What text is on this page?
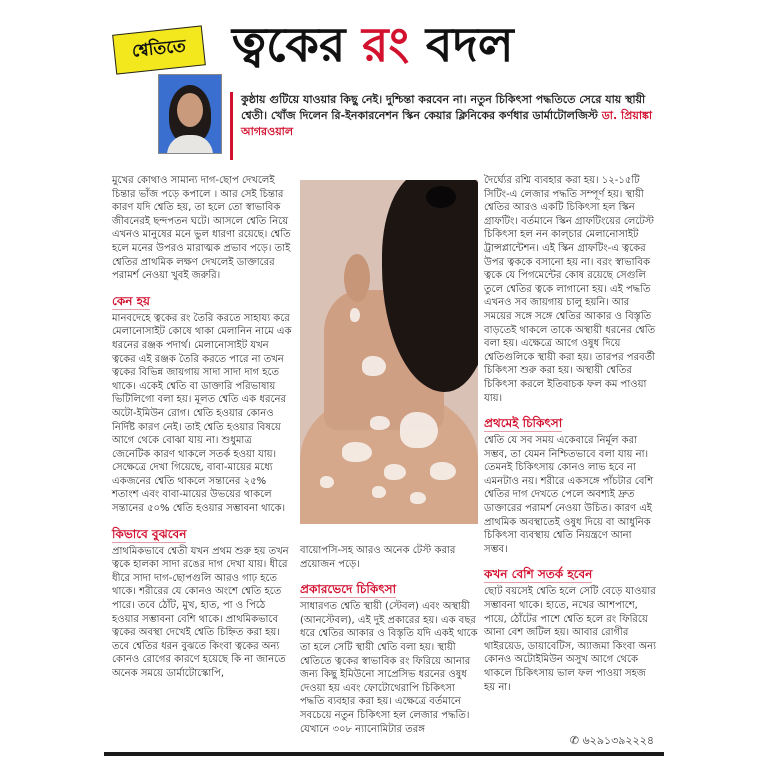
শ্বেতিতে ত্বকের রং বদল
কুষ্ঠায় গুটিয়ে যাওয়ার কিছু নেই। দুশ্চিন্তা করবেন না। নতুন চিকিৎসা পদ্ধতিতে সেরে যায় স্থায়ী শ্বেতী। খোঁজ দিলেন রি-ইনকারনেশন স্কিন কেয়ার ক্লিনিকের কর্ণধার ডার্মাটোলজিস্ট ডা. প্রিয়াঙ্কা আগরওয়াল

মুখের কোথাও সামান্য দাগ-ছোপ দেখলেই চিন্তার ভাঁজ পড়ে কপালে । আর সেই চিন্তার কারণ যদি শ্বেতি হয়, তা হলে তো স্বাভাবিক জীবনেরই ছন্দপতন ঘটে। আসলে শ্বেতি নিয়ে এখনও মানুষের মনে ভুল ধারণা রয়েছে। শ্বেতি হলে মনের উপরও মারাত্মক প্রভাব পড়ে। তাই শ্বেতির প্রাথমিক লক্ষণ দেখলেই ডাক্তারের পরামর্শ নেওয়া খুবই জরুরি।

কেন হয়

মানবদেহে ত্বকের রং তৈরি করতে সাহায্য করে মেলানোসাইট কোষে থাকা মেলানিন নামে এক ধরনের রঞ্জক পদার্থ। মেলানোসাইট যখন ত্বকের এই রঞ্জক তৈরি করতে পারে না তখন ত্বকের বিভিন্ন জায়গায় সাদা সাদা দাগ হতে থাকে। একেই শ্বেতি বা ডাক্তারি পরিভাষায় ভিটিলিগো বলা হয়। মূলত শ্বেতি এক ধরনের অটো-ইমিউন রোগ। শ্বেতি হওয়ার কোনও নির্দিষ্ট কারণ নেই। তাই শ্বেতি হওয়ার বিষয়ে আগে থেকে বোঝা যায় না। শুধুমাত্র জেনেটিক কারণ থাকলে সতর্ক হওয়া যায়। সেক্ষেত্রে দেখা গিয়েছে, বাবা-মায়ের মধ্যে একজনের শ্বেতি থাকলে সন্তানের ২৫% শতাংশ এবং বাবা-মায়ের উভয়ের থাকলে সন্তানের ৫০% শ্বেতি হওয়ার সম্ভাবনা থাকে।

কিভাবে বুঝবেন

প্রাথমিকভাবে শ্বেতী যখন প্রথম শুরু হয় তখন ত্বকে হালকা সাদা রঙের দাগ দেখা যায়। ধীরে ধীরে সাদা দাগ-ছোপগুলি আরও গাঢ় হতে থাকে। শরীরের যে কোনও অংশে শ্বেতি হতে পারে। তবে ঠোঁট, মুখ, হাত, পা ও পিঠে হওয়ার সম্ভাবনা বেশি থাকে। প্রাথমিকভাবে ত্বকের অবস্থা দেখেই শ্বেতি চিহ্নিত করা হয়। তবে শ্বেতির ধরন বুঝতে কিংবা ত্বকের অন্য কোনও রোগের কারণে হয়েছে কি না জানতে অনেক সময়ে ডার্মাটোস্কোপি,

বায়োপসি-সহ আরও অনেক টেস্ট করার প্রয়োজন পড়ে।

প্রকারভেদে চিকিৎসা

সাধারণত শ্বেতি স্থায়ী (স্টেবল) এবং অস্থায়ী (আনস্টেবল), এই দুই প্রকারের হয়। এক বছর ধরে শ্বেতির আকার ও বিস্তৃতি যদি একই থাকে তা হলে সেটি স্থায়ী শ্বেতি বলা হয়। স্থায়ী শ্বেতিতে ত্বকের স্বাভাবিক রং ফিরিয়ে আনার জন্য কিছু ইমিউনো সাপ্রেসিভ ধরনের ওষুধ দেওয়া হয় এবং ফোটোথেরাপি চিকিৎসা পদ্ধতি ব্যবহার করা হয়। এক্ষেত্রে বর্তমানে সবচেয়ে নতুন চিকিৎসা হল লেজার পদ্ধতি। যেখানে ৩০৮ ন্যানোমিটার তরঙ্গ

দৈর্ঘ্যের রশ্মি ব্যবহার করা হয়। ১২-১৫টি সিটিং-এ লেজার পদ্ধতি সম্পূর্ণ হয়। স্থায়ী শ্বেতির আরও একটি চিকিৎসা হল স্কিন গ্রাফটিং। বর্তমানে স্কিন গ্রাফটিংয়ের লেটেস্ট চিকিৎসা হল নন কাল্চার মেলানোসাইট ট্রান্সপ্লান্টেশন। এই স্কিন গ্রাফটিং-এ ত্বকের উপর ত্বককে বসানো হয় না। বরং স্বাভাবিক ত্বকে যে পিগমেন্টের কোষ রয়েছে সেগুলি তুলে শ্বেতির ত্বকে লাগানো হয়। এই পদ্ধতি এখনও সব জায়গায় চালু হয়নি। আর সময়ের সঙ্গে সঙ্গে শ্বেতির আকার ও বিস্তৃতি বাড়তেই থাকলে তাকে অস্থায়ী ধরনের শ্বেতি বলা হয়। এক্ষেত্রে আগে ওষুধ দিয়ে শ্বেতিগুলিকে স্থায়ী করা হয়। তারপর পরবর্তী চিকিৎসা শুরু করা হয়। অস্থায়ী শ্বেতির চিকিৎসা করলে ইতিবাচক ফল কম পাওয়া যায়।

প্রথমেই চিকিৎসা

শ্বেতি যে সব সময় একেবারে নির্মূল করা সম্ভব, তা যেমন নিশ্চিতভাবে বলা যায় না। তেমনই চিকিৎসায় কোনও লাভ হবে না এমনটাও নয়। শরীরে একসঙ্গে পাঁচটার বেশি শ্বেতির দাগ দেখতে পেলে অবশ্যই দ্রুত ডাক্তারের পরামর্শ নেওয়া উচিত। কারণ এই প্রাথমিক অবস্থাতেই ওষুধ দিয়ে বা আধুনিক চিকিৎসা ব্যবস্থায় শ্বেতি নিয়ন্ত্রণে আনা সম্ভব।

কখন বেশি সতর্ক হবেন

ছোট বয়সেই শ্বেতি হলে সেটি বেড়ে যাওয়ার সম্ভাবনা থাকে। হাতে, নখের আশপাশে, পায়ে, ঠোঁটের পাশে শ্বেতি হলে রং ফিরিয়ে আনা বেশ জটিল হয়। আবার রোগীর থাইরয়েড, ডায়াবেটিস, অ্যাজমা কিংবা অন্য কোনও অটোইমিউন অসুখ আগে থেকে থাকলে চিকিৎসায় ভাল ফল পাওয়া সহজ হয় না।

✆ ৬২৯১৩৯২২২৪
